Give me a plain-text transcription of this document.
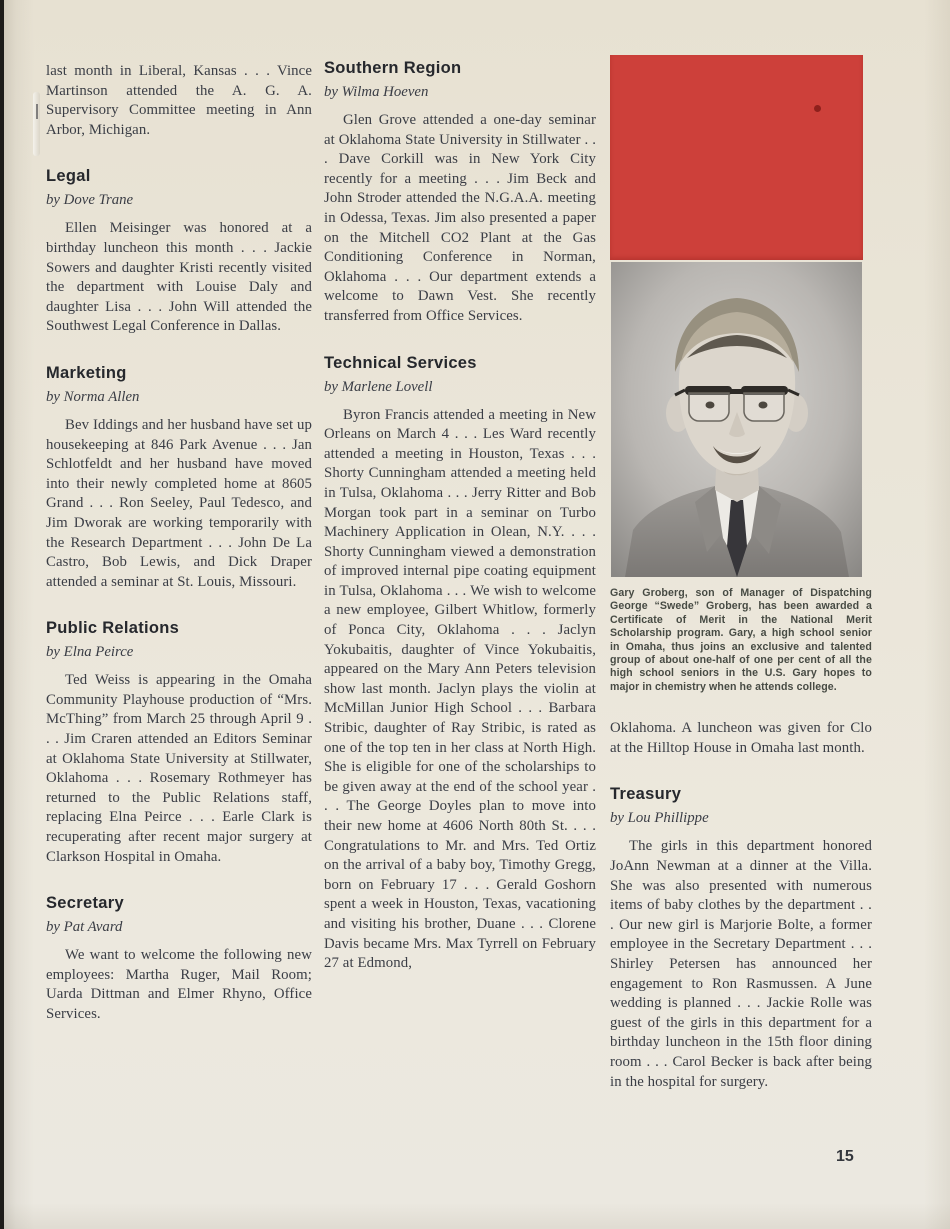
last month in Liberal, Kansas . . . Vince Martinson attended the A. G. A. Supervisory Committee meeting in Ann Arbor, Michigan.

Legal

by Dove Trane

Ellen Meisinger was honored at a birthday luncheon this month . . . Jackie Sowers and daughter Kristi recently visited the department with Louise Daly and daughter Lisa . . . John Will attended the Southwest Legal Conference in Dallas.

Marketing

by Norma Allen

Bev Iddings and her husband have set up housekeeping at 846 Park Avenue . . . Jan Schlotfeldt and her husband have moved into their newly completed home at 8605 Grand . . . Ron Seeley, Paul Tedesco, and Jim Dworak are working temporarily with the Research Department . . . John De La Castro, Bob Lewis, and Dick Draper attended a seminar at St. Louis, Missouri.

Public Relations

by Elna Peirce

Ted Weiss is appearing in the Omaha Community Playhouse production of “Mrs. McThing” from March 25 through April 9 . . . Jim Craren attended an Editors Seminar at Oklahoma State University at Stillwater, Oklahoma . . . Rosemary Rothmeyer has returned to the Public Relations staff, replacing Elna Peirce . . . Earle Clark is recuperating after recent major surgery at Clarkson Hospital in Omaha.

Secretary

by Pat Avard

We want to welcome the following new employees: Martha Ruger, Mail Room; Uarda Dittman and Elmer Rhyno, Office Services.

Southern Region

by Wilma Hoeven

Glen Grove attended a one-day seminar at Oklahoma State University in Stillwater . . . Dave Corkill was in New York City recently for a meeting . . . Jim Beck and John Stroder attended the N.G.A.A. meeting in Odessa, Texas. Jim also presented a paper on the Mitchell CO2 Plant at the Gas Conditioning Conference in Norman, Oklahoma . . . Our department extends a welcome to Dawn Vest. She recently transferred from Office Services.

Technical Services

by Marlene Lovell

Byron Francis attended a meeting in New Orleans on March 4 . . . Les Ward recently attended a meeting in Houston, Texas . . . Shorty Cunningham attended a meeting held in Tulsa, Oklahoma . . . Jerry Ritter and Bob Morgan took part in a seminar on Turbo Machinery Application in Olean, N.Y. . . . Shorty Cunningham viewed a demonstration of improved internal pipe coating equipment in Tulsa, Oklahoma . . . We wish to welcome a new employee, Gilbert Whitlow, formerly of Ponca City, Oklahoma . . . Jaclyn Yokubaitis, daughter of Vince Yokubaitis, appeared on the Mary Ann Peters television show last month. Jaclyn plays the violin at McMillan Junior High School . . . Barbara Stribic, daughter of Ray Stribic, is rated as one of the top ten in her class at North High. She is eligible for one of the scholarships to be given away at the end of the school year . . . The George Doyles plan to move into their new home at 4606 North 80th St. . . . Congratulations to Mr. and Mrs. Ted Ortiz on the arrival of a baby boy, Timothy Gregg, born on February 17 . . . Gerald Goshorn spent a week in Houston, Texas, vacationing and visiting his brother, Duane . . . Clorene Davis became Mrs. Max Tyrrell on February 27 at Edmond,

Gary Groberg, son of Manager of Dispatching George “Swede” Groberg, has been awarded a Certificate of Merit in the National Merit Scholarship program. Gary, a high school senior in Omaha, thus joins an exclusive and talented group of about one-half of one per cent of all the high school seniors in the U.S. Gary hopes to major in chemistry when he attends college.

Oklahoma. A luncheon was given for Clo at the Hilltop House in Omaha last month.

Treasury

by Lou Phillippe

The girls in this department honored JoAnn Newman at a dinner at the Villa. She was also presented with numerous items of baby clothes by the department . . . Our new girl is Marjorie Bolte, a former employee in the Secretary Department . . . Shirley Petersen has announced her engagement to Ron Rasmussen. A June wedding is planned . . . Jackie Rolle was guest of the girls in this department for a birthday luncheon in the 15th floor dining room . . . Carol Becker is back after being in the hospital for surgery.

15
